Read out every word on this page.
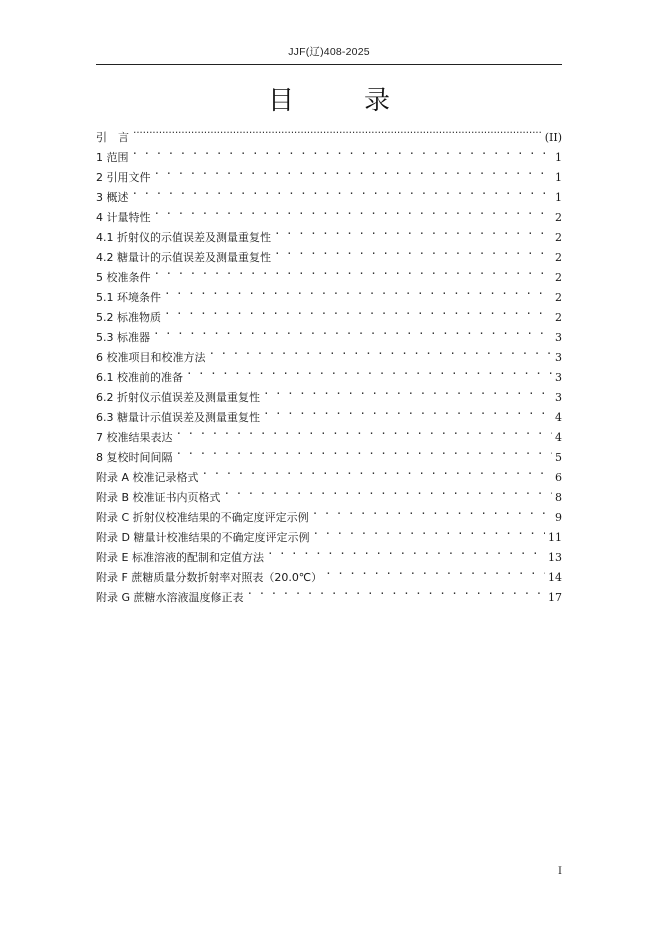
JJF(辽)408-2025
目　录
引　言 .....	(II)
1 范围 . . .	1
2 引用文件 . . .	1
3 概述 . . .	1
4 计量特性 . . .	2
4.1 折射仪的示值误差及测量重复性 . . .	2
4.2 糖量计的示值误差及测量重复性 . . .	2
5 校准条件 . . .	2
5.1 环境条件 . . .	2
5.2 标准物质 . . .	2
5.3 标准器 . . .	3
6 校准项目和校准方法 . . .	3
6.1 校准前的准备 . . .	3
6.2 折射仪示值误差及测量重复性 . . .	3
6.3 糖量计示值误差及测量重复性 . . .	4
7 校准结果表达 . . .	4
8 复校时间间隔 . . .	5
附录 A 校准记录格式 . . .	6
附录 B 校准证书内页格式 . . .	8
附录 C 折射仪校准结果的不确定度评定示例 . . .	9
附录 D 糖量计校准结果的不确定度评定示例 . . .	11
附录 E 标准溶液的配制和定值方法 . . .	13
附录 F 蔗糖质量分数折射率对照表（20.0℃） . . .	14
附录 G 蔗糖水溶液温度修正表 . . .	17
I
